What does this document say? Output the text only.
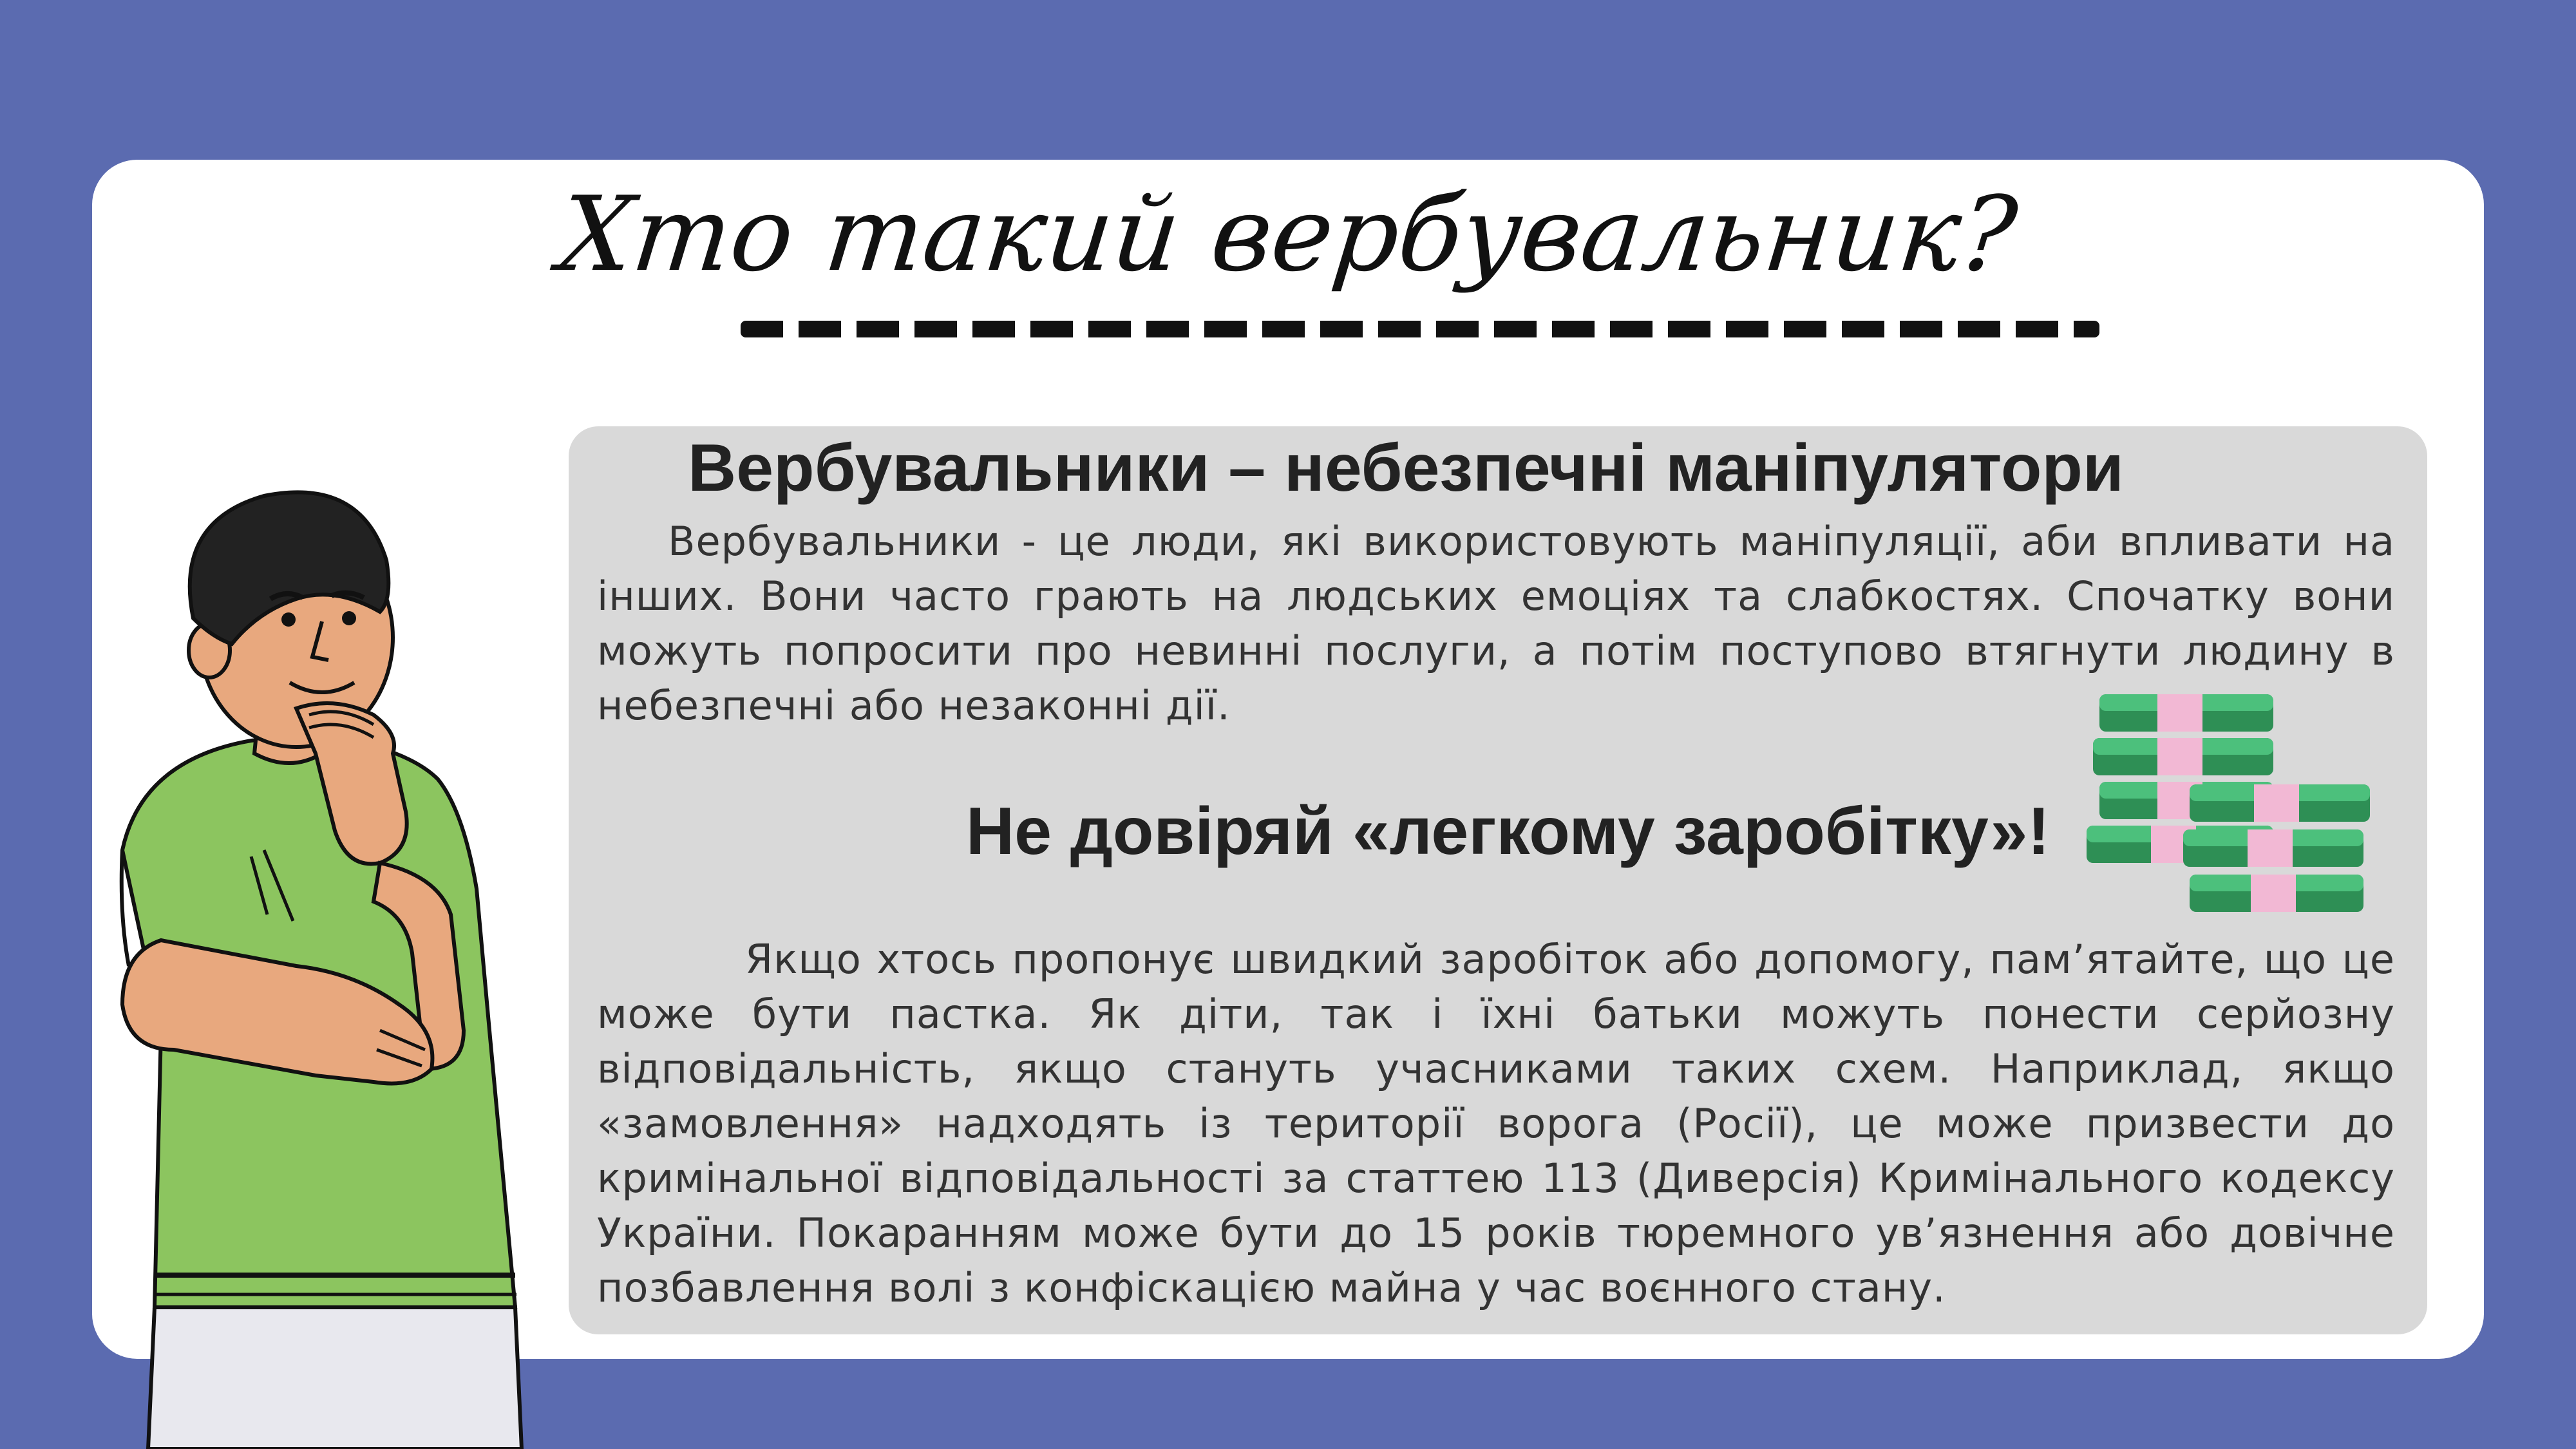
Хто такий вербувальник?
Вербувальники – небезпечні маніпулятори

Вербувальники - це люди, які використовують маніпуляції, аби впливати на інших. Вони часто грають на людських емоціях та слабкостях. Спочатку вони можуть попросити про невинні послуги, а потім поступово втягнути людину в небезпечні або незаконні дії.

Не довіряй «легкому заробітку»!

Якщо хтось пропонує швидкий заробіток або допомогу, пам’ятайте, що це може бути пастка. Як діти, так і їхні батьки можуть понести серйозну відповідальність, якщо стануть учасниками таких схем. Наприклад, якщо «замовлення» надходять із території ворога (Росії), це може призвести до кримінальної відповідальності за статтею 113 (Диверсія) Кримінального кодексу України. Покаранням може бути до 15 років тюремного ув’язнення або довічне позбавлення волі з конфіскацією майна у час воєнного стану.
